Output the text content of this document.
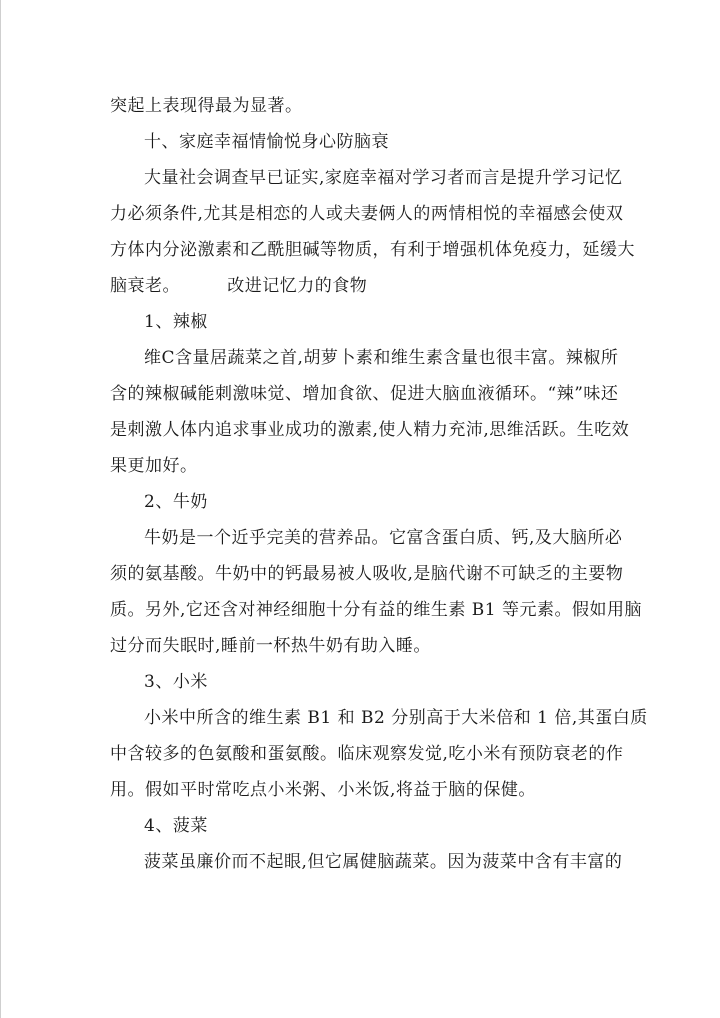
突起上表现得最为显著。
十、家庭幸福情愉悦身心防脑衰
大量社会调查早已证实,家庭幸福对学习者而言是提升学习记忆
力必须条件,尤其是相恋的人或夫妻俩人的两情相悦的幸福感会使双
方体内分泌激素和乙酰胆碱等物质，有利于增强机体免疫力，延缓大
脑衰老。        改进记忆力的食物
1、辣椒
维C含量居蔬菜之首,胡萝卜素和维生素含量也很丰富。辣椒所
含的辣椒碱能刺激味觉、增加食欲、促进大脑血液循环。“辣”味还
是刺激人体内追求事业成功的激素,使人精力充沛,思维活跃。生吃效
果更加好。
2、牛奶
牛奶是一个近乎完美的营养品。它富含蛋白质、钙,及大脑所必
须的氨基酸。牛奶中的钙最易被人吸收,是脑代谢不可缺乏的主要物
质。另外,它还含对神经细胞十分有益的维生素 B1 等元素。假如用脑
过分而失眠时,睡前一杯热牛奶有助入睡。
3、小米
小米中所含的维生素 B1 和 B2 分别高于大米倍和 1 倍,其蛋白质
中含较多的色氨酸和蛋氨酸。临床观察发觉,吃小米有预防衰老的作
用。假如平时常吃点小米粥、小米饭,将益于脑的保健。
4、菠菜
菠菜虽廉价而不起眼,但它属健脑蔬菜。因为菠菜中含有丰富的
